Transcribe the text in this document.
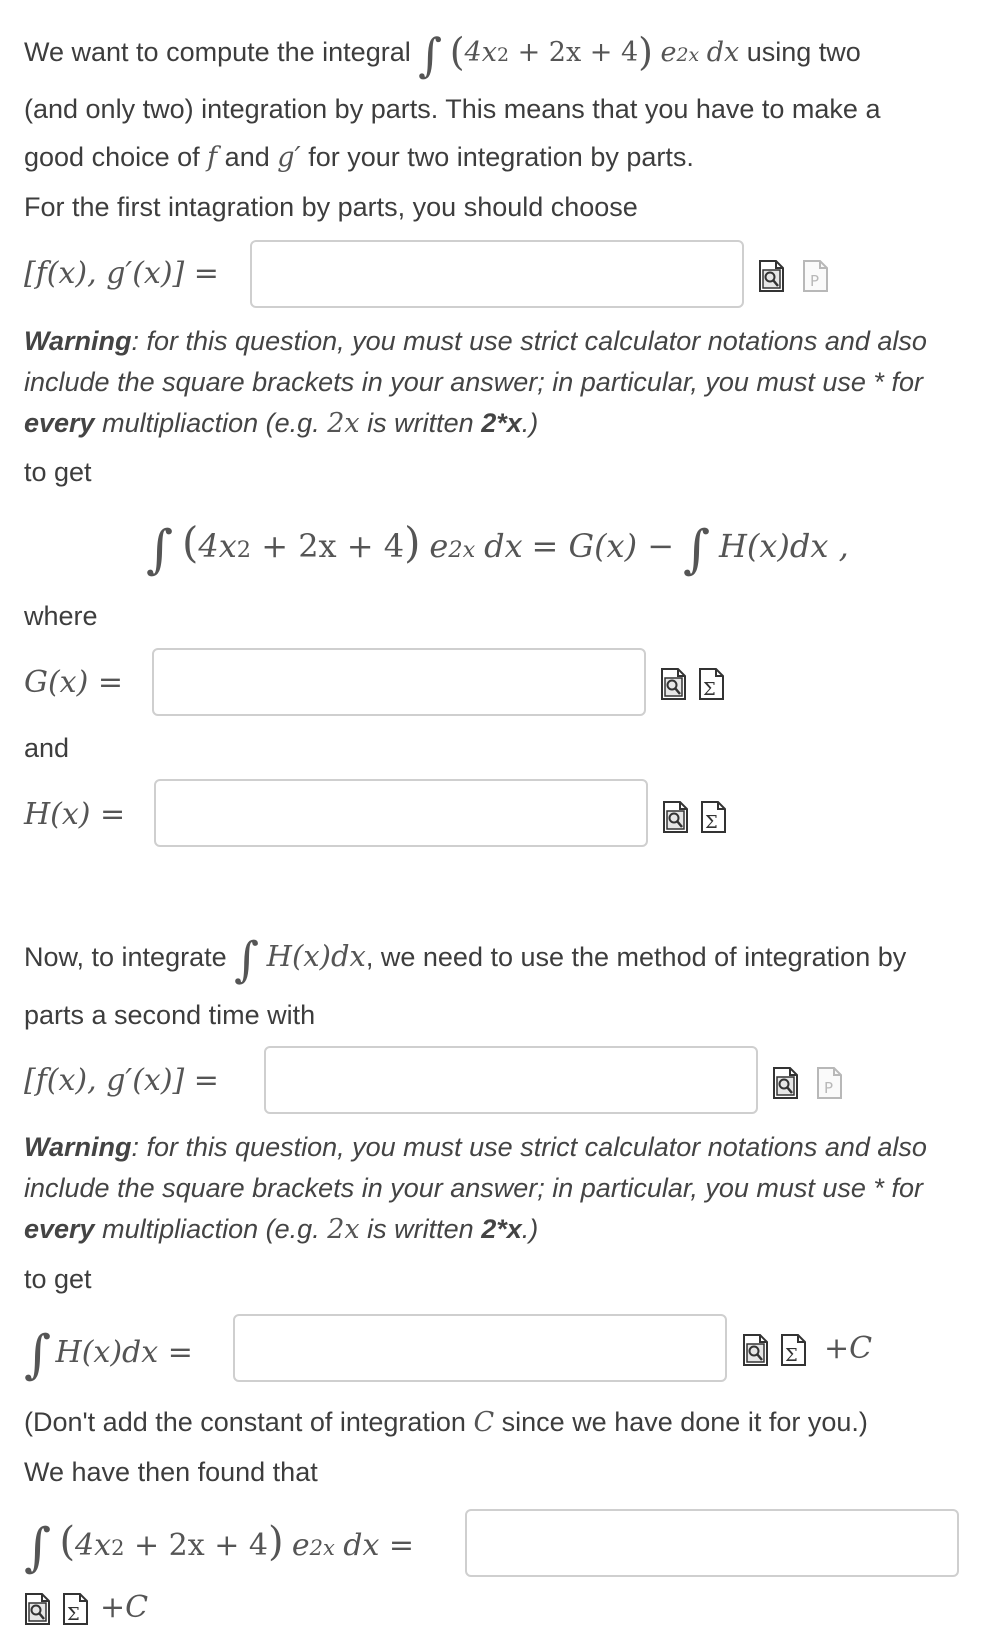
We want to compute the integral ∫ $(4x^2 + 2x + 4)$ $e^{2x}$ dx using two
(and only two) integration by parts. This means that you have to make a
good choice of f and g′ for your two integration by parts.
For the first intagration by parts, you should choose
[f(x), g′(x)] =	P
Warning: for this question, you must use strict calculator notations and also
include the square brackets in your answer; in particular, you must use * for
every multipliaction (e.g. 2x is written 2*x.)
to get
∫ $(4x^2 + 2x + 4)$ $e^{2x}$ dx = G(x) − ∫ H(x)dx ,
where
G(x) =	Σ
and
H(x) =	Σ
Now, to integrate ∫ H(x)dx, we need to use the method of integration by
parts a second time with
[f(x), g′(x)] =	P
Warning: for this question, you must use strict calculator notations and also
include the square brackets in your answer; in particular, you must use * for
every multipliaction (e.g. 2x is written 2*x.)
to get
∫ H(x)dx =	Σ +C
(Don't add the constant of integration C since we have done it for you.)
We have then found that
∫ $(4x^2 + 2x + 4)$ $e^{2x}$ dx =
Σ +C
